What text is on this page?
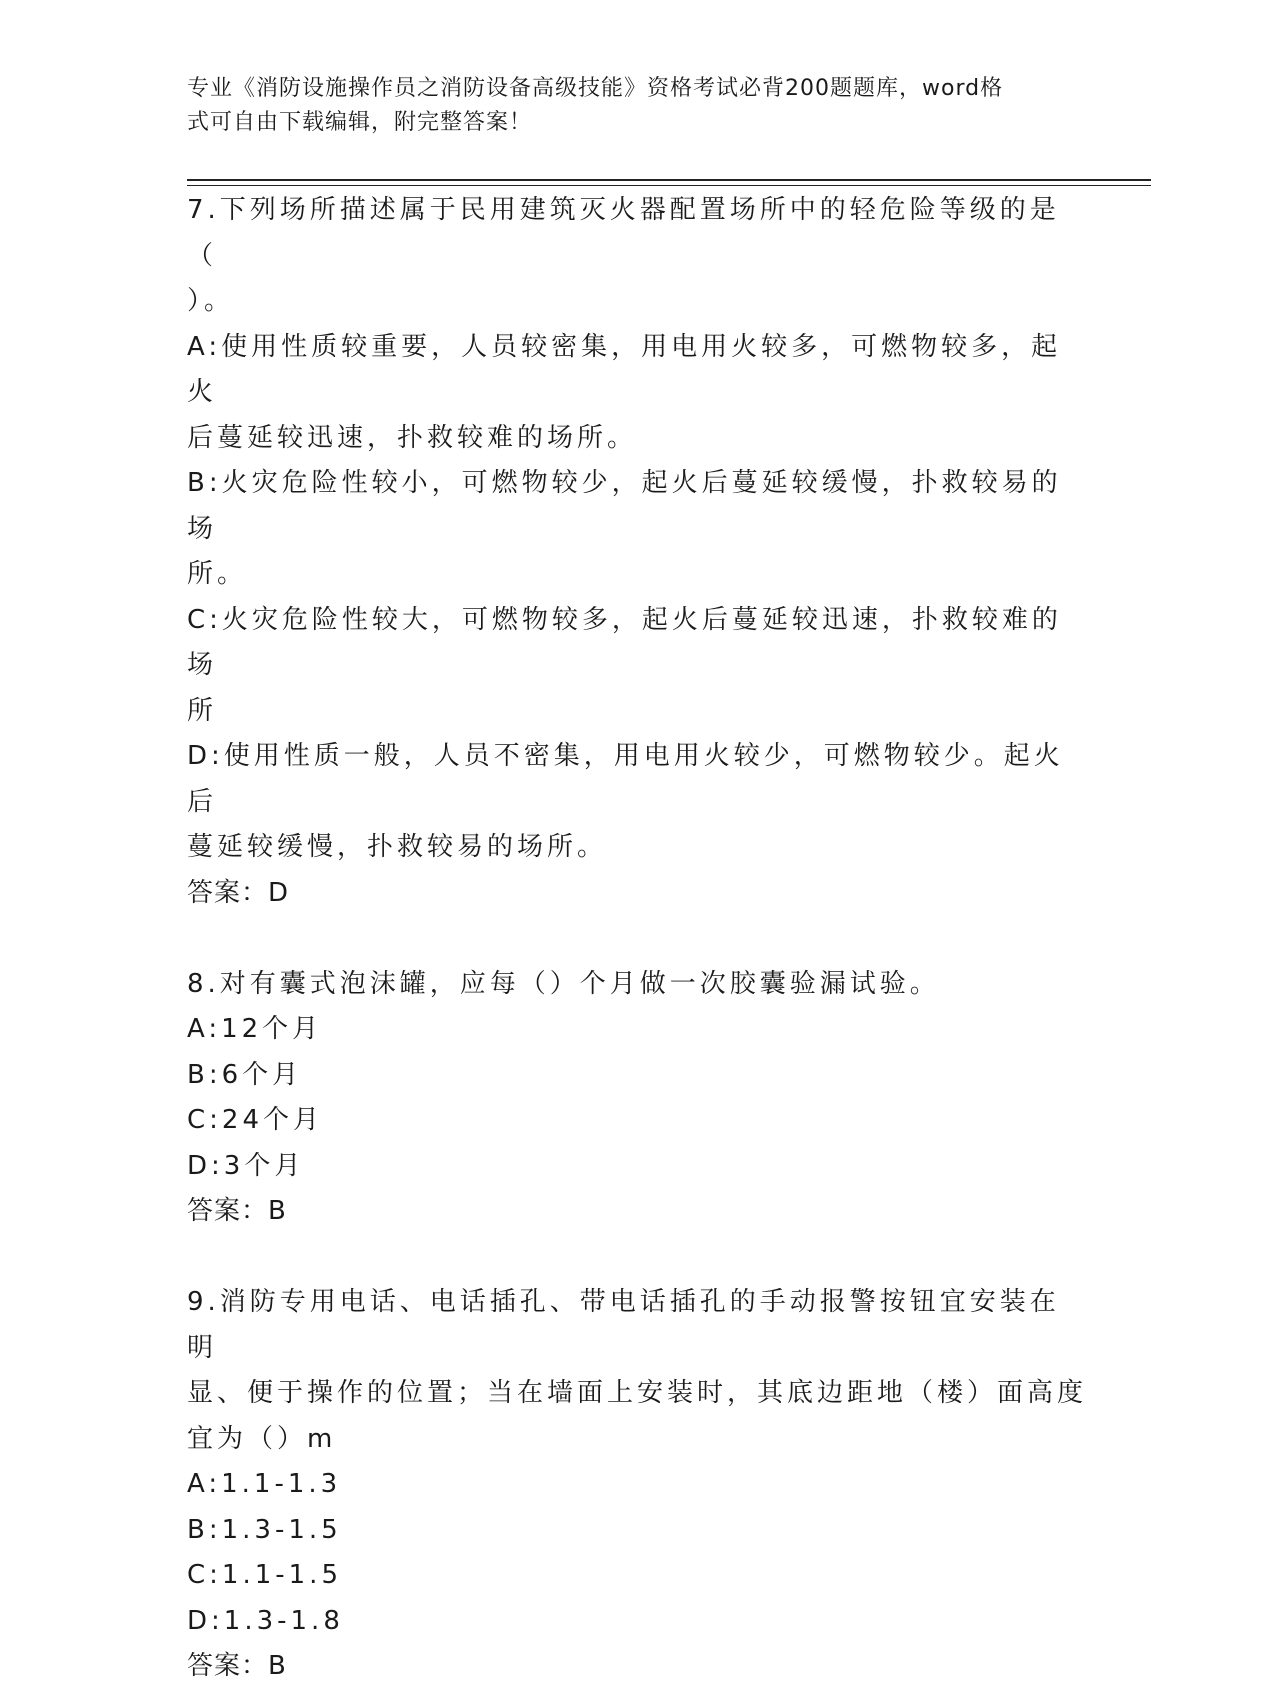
专业《消防设施操作员之消防设备高级技能》资格考试必背200题题库，word格
式可自由下载编辑，附完整答案！
7.下列场所描述属于民用建筑灭火器配置场所中的轻危险等级的是（
）。
A:使用性质较重要，人员较密集，用电用火较多，可燃物较多，起火
后蔓延较迅速，扑救较难的场所。
B:火灾危险性较小，可燃物较少，起火后蔓延较缓慢，扑救较易的场
所。
C:火灾危险性较大，可燃物较多，起火后蔓延较迅速，扑救较难的场
所
D:使用性质一般，人员不密集，用电用火较少，可燃物较少。起火后
蔓延较缓慢，扑救较易的场所。
答案：D
8.对有囊式泡沫罐，应每（）个月做一次胶囊验漏试验。
A:12个月
B:6个月
C:24个月
D:3个月
答案：B
9.消防专用电话、电话插孔、带电话插孔的手动报警按钮宜安装在明
显、便于操作的位置；当在墙面上安装时，其底边距地（楼）面高度
宜为（）m
A:1.1-1.3
B:1.3-1.5
C:1.1-1.5
D:1.3-1.8
答案：B
